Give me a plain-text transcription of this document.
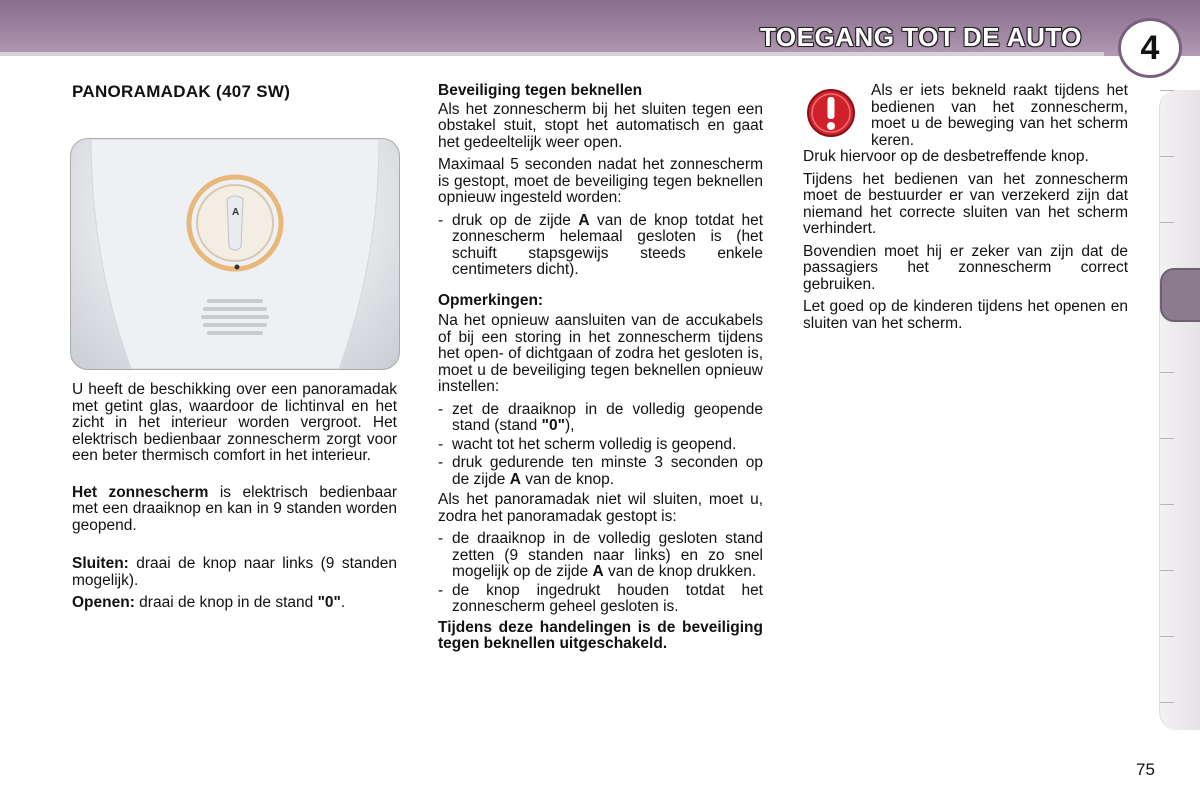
TOEGANG TOT DE AUTO	4
PANORAMADAK (407 SW)
A

U heeft de beschikking over een panoramadak met getint glas, waardoor de lichtinval en het zicht in het interieur worden vergroot. Het elektrisch bedienbaar zonnescherm zorgt voor een beter thermisch comfort in het interieur.

Het zonnescherm is elektrisch bedienbaar met een draaiknop en kan in 9 standen worden geopend.

Sluiten: draai de knop naar links (9 standen mogelijk).

Openen: draai de knop in de stand "0".

Beveiliging tegen beknellen

Als het zonnescherm bij het sluiten tegen een obstakel stuit, stopt het automatisch en gaat het gedeeltelijk weer open.

Maximaal 5 seconden nadat het zonnescherm is gestopt, moet de beveiliging tegen beknellen opnieuw ingesteld worden:

- druk op de zijde A van de knop totdat het zonnescherm helemaal gesloten is (het schuift stapsgewijs steeds enkele centimeters dicht).
Opmerkingen:

Na het opnieuw aansluiten van de accukabels of bij een storing in het zonnescherm tijdens het open- of dichtgaan of zodra het gesloten is, moet u de beveiliging tegen beknellen opnieuw instellen:

- zet de draaiknop in de volledig geopende stand (stand "0"),
- wacht tot het scherm volledig is geopend.
- druk gedurende ten minste 3 seconden op de zijde A van de knop.

Als het panoramadak niet wil sluiten, moet u, zodra het panoramadak gestopt is:

- de draaiknop in de volledig gesloten stand zetten (9 standen naar links) en zo snel mogelijk op de zijde A van de knop drukken.
- de knop ingedrukt houden totdat het zonnescherm geheel gesloten is.

Tijdens deze handelingen is de beveiliging tegen beknellen uitgeschakeld.

Als er iets bekneld raakt tijdens het bedienen van het zonnescherm, moet u de beweging van het scherm keren.

Druk hiervoor op de desbetreffende knop.

Tijdens het bedienen van het zonnescherm moet de bestuurder er van verzekerd zijn dat niemand het correcte sluiten van het scherm verhindert.

Bovendien moet hij er zeker van zijn dat de passagiers het zonnescherm correct gebruiken.

Let goed op de kinderen tijdens het openen en sluiten van het scherm.

75
